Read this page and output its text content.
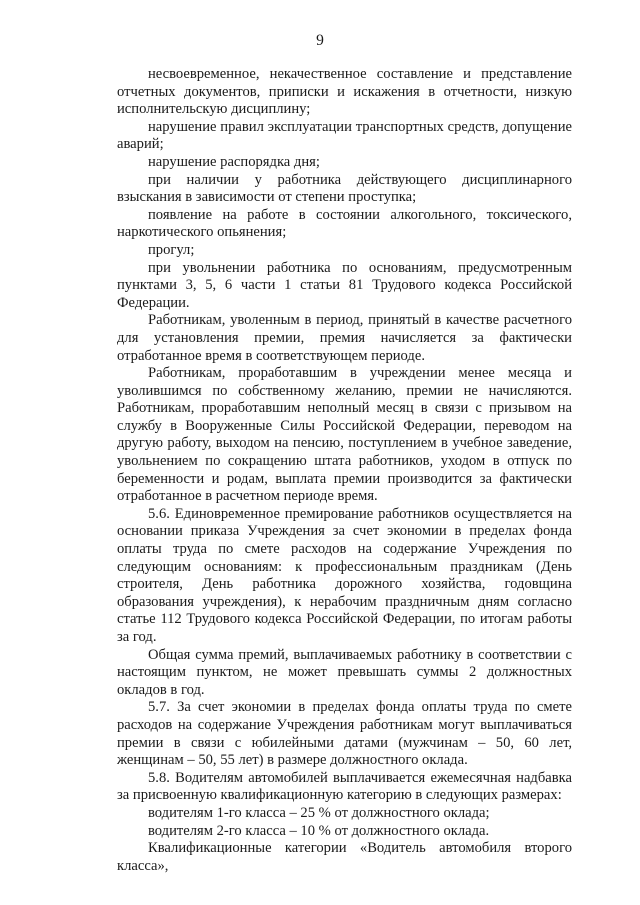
9

несвоевременное, некачественное составление и представление отчетных документов, приписки и искажения в отчетности, низкую исполнительскую дисциплину;

нарушение правил эксплуатации транспортных средств, допущение аварий;

нарушение распорядка дня;

при наличии у работника действующего дисциплинарного взыскания в зависимости от степени проступка;

появление на работе в состоянии алкогольного, токсического, наркотического опьянения;

прогул;

при увольнении работника по основаниям, предусмотренным пунктами 3, 5, 6 части 1 статьи 81 Трудового кодекса Российской Федерации.

Работникам, уволенным в период, принятый в качестве расчетного для установления премии, премия начисляется за фактически отработанное время в соответствующем периоде.

Работникам, проработавшим в учреждении менее месяца и уволившимся по собственному желанию, премии не начисляются. Работникам, проработавшим неполный месяц в связи с призывом на службу в Вооруженные Силы Российской Федерации, переводом на другую работу, выходом на пенсию, поступлением в учебное заведение, увольнением по сокращению штата работников, уходом в отпуск по беременности и родам, выплата премии производится за фактически отработанное в расчетном периоде время.

5.6. Единовременное премирование работников осуществляется на основании приказа Учреждения за счет экономии в пределах фонда оплаты труда по смете расходов на содержание Учреждения по следующим основаниям: к профессиональным праздникам (День строителя, День работника дорожного хозяйства, годовщина образования учреждения), к нерабочим праздничным дням согласно статье 112 Трудового кодекса Российской Федерации, по итогам работы за год.

Общая сумма премий, выплачиваемых работнику в соответствии с настоящим пунктом, не может превышать суммы 2 должностных окладов в год.

5.7. За счет экономии в пределах фонда оплаты труда по смете расходов на содержание Учреждения работникам могут выплачиваться премии в связи с юбилейными датами (мужчинам – 50, 60 лет, женщинам – 50, 55 лет) в размере должностного оклада.

5.8. Водителям автомобилей выплачивается ежемесячная надбавка за присвоенную квалификационную категорию в следующих размерах:

водителям 1-го класса – 25 % от должностного оклада;

водителям 2-го класса – 10 % от должностного оклада.

Квалификационные категории «Водитель автомобиля второго класса»,
